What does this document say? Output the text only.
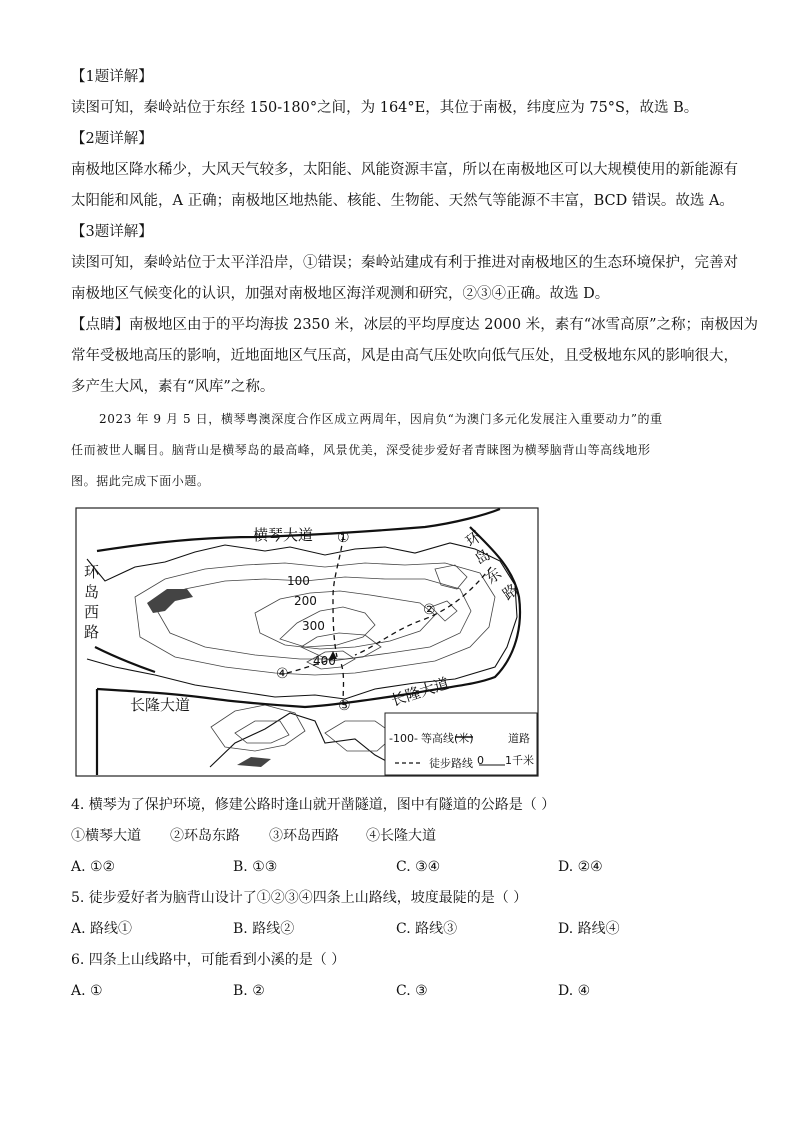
【1题详解】
读图可知，秦岭站位于东经 150-180°之间，为 164°E，其位于南极，纬度应为 75°S，故选 B。
【2题详解】
南极地区降水稀少，大风天气较多，太阳能、风能资源丰富，所以在南极地区可以大规模使用的新能源有
太阳能和风能，A 正确；南极地区地热能、核能、生物能、天然气等能源不丰富，BCD 错误。故选 A。
【3题详解】
读图可知，秦岭站位于太平洋沿岸，①错误；秦岭站建成有利于推进对南极地区的生态环境保护，完善对
南极地区气候变化的认识，加强对南极地区海洋观测和研究，②③④正确。故选 D。
【点睛】南极地区由于的平均海拔 2350 米，冰层的平均厚度达 2000 米，素有“冰雪高原”之称；南极因为
常年受极地高压的影响，近地面地区气压高，风是由高气压处吹向低气压处，且受极地东风的影响很大，
多产生大风，素有“风库”之称。
2023 年 9 月 5 日，横琴粤澳深度合作区成立两周年，因肩负“为澳门多元化发展注入重要动力”的重
任而被世人瞩目。脑背山是横琴岛的最高峰，风景优美，深受徒步爱好者青睐图为横琴脑背山等高线地形
图。据此完成下面小题。
横琴大道	环
岛
东
路
环
岛
西
路
长隆大道	长隆大道
100
200
300
400
①
②
③
④
-100- 等高线(米)	道路
徒步路线 0 1千米
4. 横琴为了保护环境，修建公路时逢山就开凿隧道，图中有隧道的公路是（ ）
①横琴大道 ②环岛东路 ③环岛西路 ④长隆大道
A. ①②	B. ①③	C. ③④	D. ②④
5. 徒步爱好者为脑背山设计了①②③④四条上山路线，坡度最陡的是（ ）
A. 路线①	B. 路线②	C. 路线③	D. 路线④
6. 四条上山线路中，可能看到小溪的是（ ）
A. ①	B. ②	C. ③	D. ④
